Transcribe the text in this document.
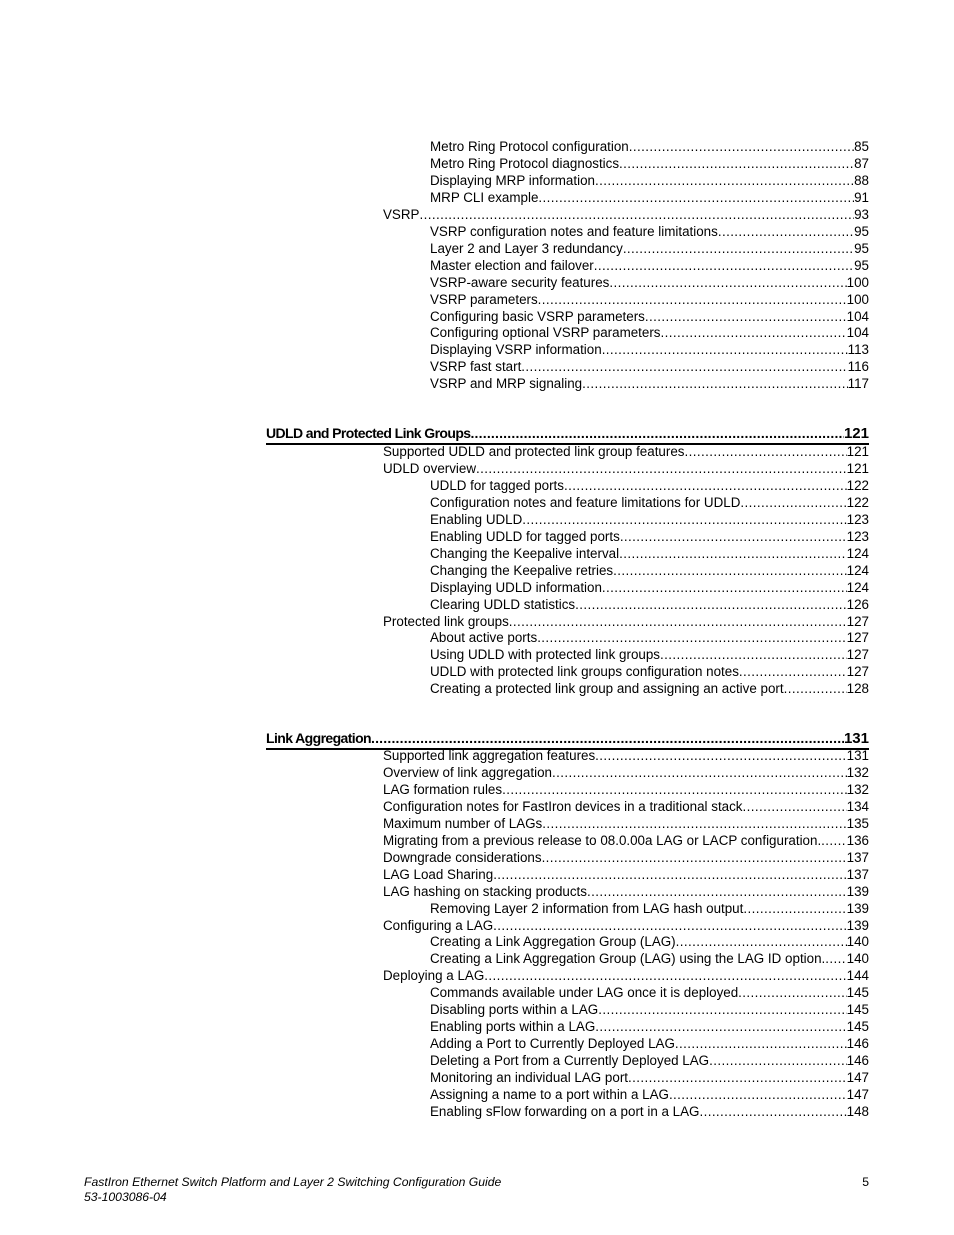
Metro Ring Protocol configuration .....	85
Metro Ring Protocol diagnostics .....	87
Displaying MRP information .....	88
MRP CLI example .....	91
VSRP .....	93
VSRP configuration notes and feature limitations .....	95
Layer 2 and Layer 3 redundancy .....	95
Master election and failover .....	95
VSRP-aware security features .....	100
VSRP parameters .....	100
Configuring basic VSRP parameters .....	104
Configuring optional VSRP parameters .....	104
Displaying VSRP information .....	113
VSRP fast start .....	116
VSRP and MRP signaling .....	117
UDLD and Protected Link Groups .....	121
Supported UDLD and protected link group features .....	121
UDLD overview .....	121
UDLD for tagged ports .....	122
Configuration notes and feature limitations for UDLD .....	122
Enabling UDLD .....	123
Enabling UDLD for tagged ports .....	123
Changing the Keepalive interval .....	124
Changing the Keepalive retries .....	124
Displaying UDLD information .....	124
Clearing UDLD statistics .....	126
Protected link groups .....	127
About active ports .....	127
Using UDLD with protected link groups .....	127
UDLD with protected link groups configuration notes .....	127
Creating a protected link group and assigning an active port .....	128
Link Aggregation .....	131
Supported link aggregation features .....	131
Overview of link aggregation .....	132
LAG formation rules .....	132
Configuration notes for FastIron devices in a traditional stack .....	134
Maximum number of LAGs .....	135
Migrating from a previous release to 08.0.00a LAG or LACP configuration. ..... 136
Downgrade considerations .....	137
LAG Load Sharing .....	137
LAG hashing on stacking products .....	139
Removing Layer 2 information from LAG hash output .....	139
Configuring a LAG .....	139
Creating a Link Aggregation Group (LAG) .....	140
Creating a Link Aggregation Group (LAG) using the LAG ID option. ..... 140
Deploying a LAG .....	144
Commands available under LAG once it is deployed .....	145
Disabling ports within a LAG .....	145
Enabling ports within a LAG .....	145
Adding a Port to Currently Deployed LAG .....	146
Deleting a Port from a Currently Deployed LAG .....	146
Monitoring an individual LAG port .....	147
Assigning a name to a port within a LAG .....	147
Enabling sFlow forwarding on a port in a LAG .....	148
FastIron Ethernet Switch Platform and Layer 2 Switching Configuration Guide
53-1003086-04
5
